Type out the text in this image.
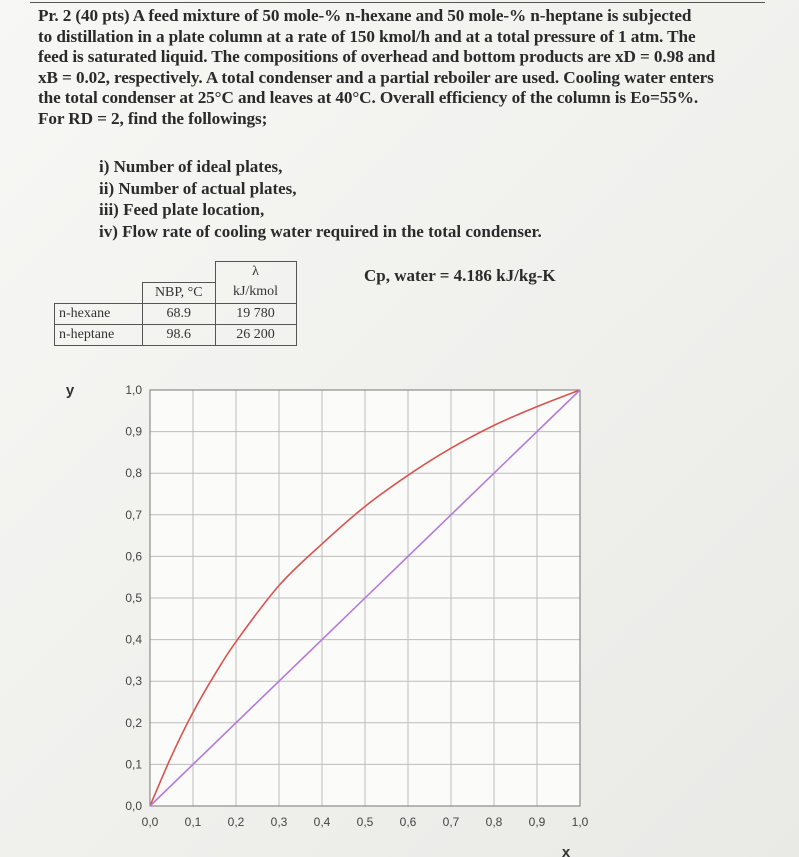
Pr. 2 (40 pts) A feed mixture of 50 mole-% n-hexane and 50 mole-% n-heptane is subjected
to distillation in a plate column at a rate of 150 kmol/h and at a total pressure of 1 atm. The
feed is saturated liquid. The compositions of overhead and bottom products are xD = 0.98 and
xB = 0.02, respectively. A total condenser and a partial reboiler are used. Cooling water enters
the total condenser at 25°C and leaves at 40°C. Overall efficiency of the column is Eo=55%.
For RD = 2, find the followings;
i) Number of ideal plates,
ii) Number of actual plates,
iii) Feed plate location,
iv) Flow rate of cooling water required in the total condenser.
Cp, water = 4.186 kJ/kg-K
		λ
	NBP, °C	kJ/kmol
n-hexane	68.9	19 780
n-heptane	98.6	26 200
0,0 0,1 0,2 0,3 0,4 0,5 0,6 0,7 0,8 0,9 1,0
0,0
0,1
0,2
0,3
0,4
0,5
0,6
0,7
0,8
0,9
1,0
y
x
